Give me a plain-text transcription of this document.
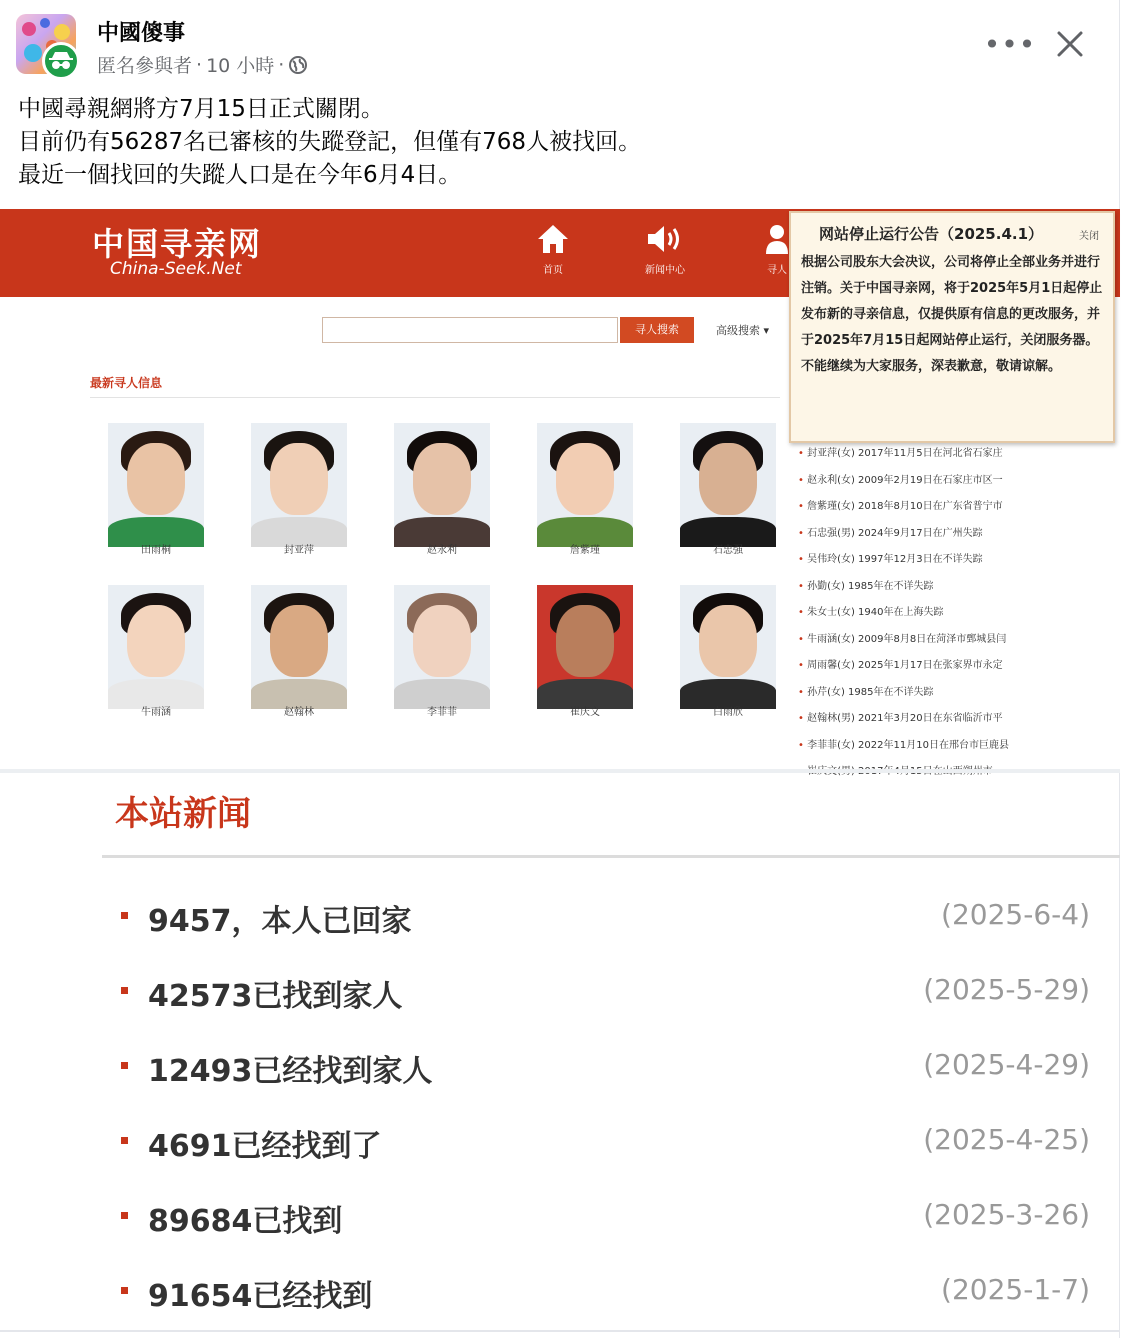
中國傻事
匿名參與者 · 10 小時 ·
•••
中國尋親網將方7月15日正式關閉。
目前仍有56287名已審核的失蹤登記，但僅有768人被找回。
最近一個找回的失蹤人口是在今年6月4日。
中国寻亲网
China-Seek.Net	首页	新闻中心	寻人
寻人搜索	高级搜索 ▾
最新寻人信息
田雨桐	封亚萍	赵永利	詹紫瑾	石忠强
牛雨涵	赵翰林	李菲菲	崔庆文	白雨欣
• 封亚萍(女) 2017年11月5日在河北省石家庄
• 赵永利(女) 2009年2月19日在石家庄市区一
• 詹紫瑾(女) 2018年8月10日在广东省普宁市
• 石忠强(男) 2024年9月17日在广州失踪
• 吴伟玲(女) 1997年12月3日在不详失踪
• 孙勤(女) 1985年在不详失踪
• 朱女士(女) 1940年在上海失踪
• 牛雨涵(女) 2009年8月8日在菏泽市鄄城县闫
• 周雨馨(女) 2025年1月17日在张家界市永定
• 孙芹(女) 1985年在不详失踪
• 赵翰林(男) 2021年3月20日在东省临沂市平
• 李菲菲(女) 2022年11月10日在邢台市巨鹿县
•
网站停止运行公告（2025.4.1）	关闭
根据公司股东大会决议，公司将停止全部业务并进行注销。关于中国寻亲网，将于2025年5月1日起停止发布新的寻亲信息，仅提供原有信息的更改服务，并于2025年7月15日起网站停止运行，关闭服务器。不能继续为大家服务，深表歉意，敬请谅解。
本站新闻
9457，本人已回家	(2025-6-4)
42573已找到家人	(2025-5-29)
12493已经找到家人	(2025-4-29)
4691已经找到了	(2025-4-25)
89684已找到	(2025-3-26)
91654已经找到	(2025-1-7)
